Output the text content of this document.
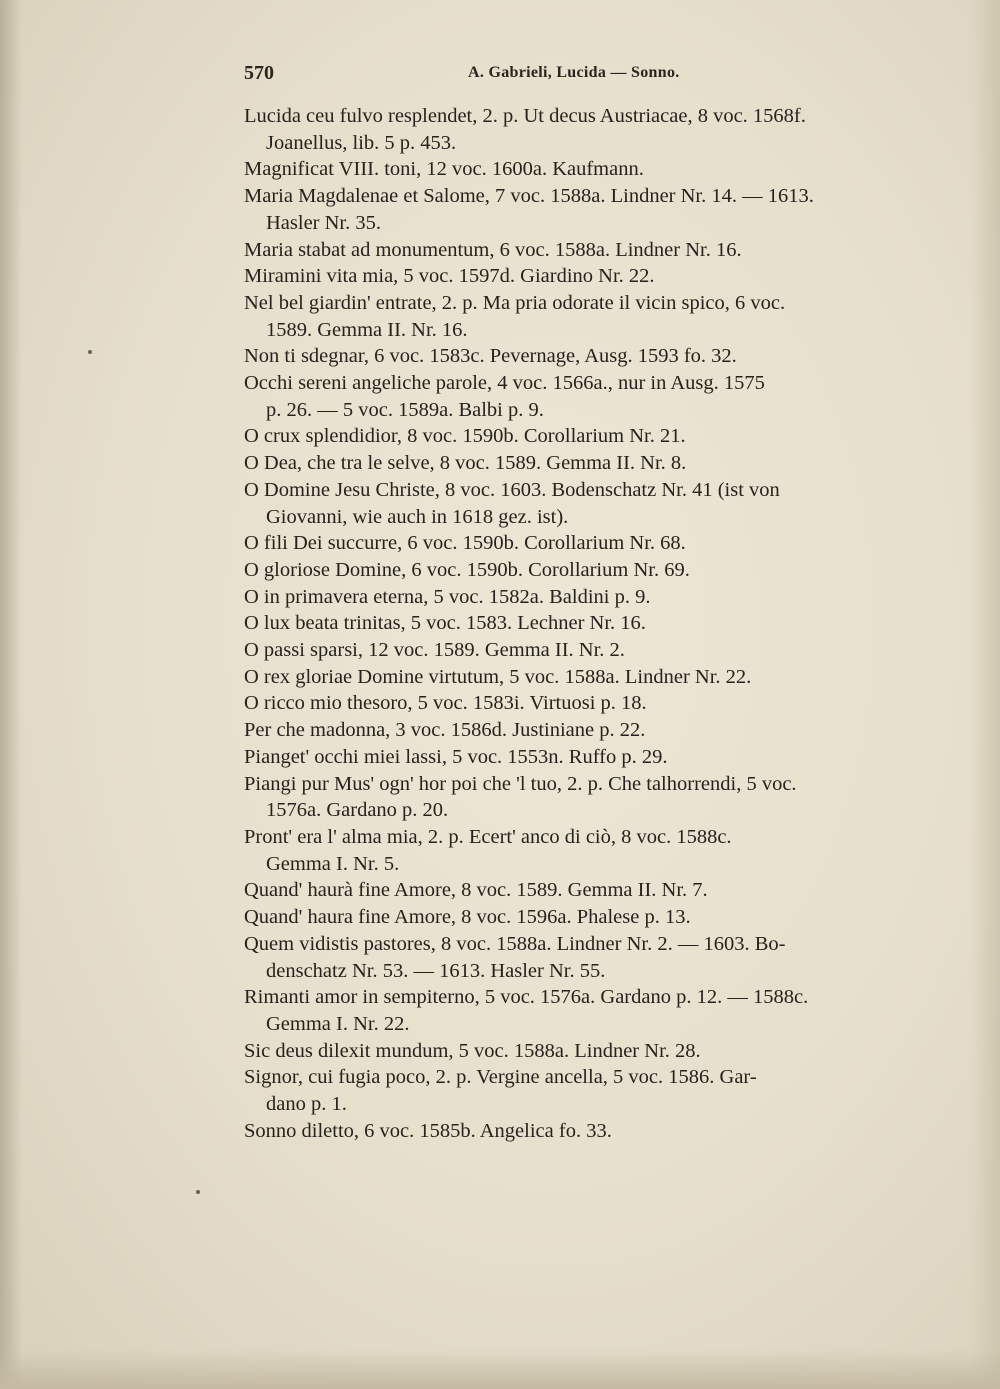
570	A. Gabrieli, Lucida — Sonno.

Lucida ceu fulvo resplendet, 2. p. Ut decus Austriacae, 8 voc. 1568f.
Joanellus, lib. 5 p. 453.

Magnificat VIII. toni, 12 voc. 1600a. Kaufmann.

Maria Magdalenae et Salome, 7 voc. 1588a. Lindner Nr. 14. — 1613.
Hasler Nr. 35.

Maria stabat ad monumentum, 6 voc. 1588a. Lindner Nr. 16.

Miramini vita mia, 5 voc. 1597d. Giardino Nr. 22.

Nel bel giardin' entrate, 2. p. Ma pria odorate il vicin spico, 6 voc.
1589. Gemma II. Nr. 16.

Non ti sdegnar, 6 voc. 1583c. Pevernage, Ausg. 1593 fo. 32.

Occhi sereni angeliche parole, 4 voc. 1566a., nur in Ausg. 1575
p. 26. — 5 voc. 1589a. Balbi p. 9.

O crux splendidior, 8 voc. 1590b. Corollarium Nr. 21.

O Dea, che tra le selve, 8 voc. 1589. Gemma II. Nr. 8.

O Domine Jesu Christe, 8 voc. 1603. Bodenschatz Nr. 41 (ist von
Giovanni, wie auch in 1618 gez. ist).

O fili Dei succurre, 6 voc. 1590b. Corollarium Nr. 68.

O gloriose Domine, 6 voc. 1590b. Corollarium Nr. 69.

O in primavera eterna, 5 voc. 1582a. Baldini p. 9.

O lux beata trinitas, 5 voc. 1583. Lechner Nr. 16.

O passi sparsi, 12 voc. 1589. Gemma II. Nr. 2.

O rex gloriae Domine virtutum, 5 voc. 1588a. Lindner Nr. 22.

O ricco mio thesoro, 5 voc. 1583i. Virtuosi p. 18.

Per che madonna, 3 voc. 1586d. Justiniane p. 22.

Pianget' occhi miei lassi, 5 voc. 1553n. Ruffo p. 29.

Piangi pur Mus' ogn' hor poi che 'l tuo, 2. p. Che talhorrendi, 5 voc.
1576a. Gardano p. 20.

Pront' era l' alma mia, 2. p. Ecert' anco di ciò, 8 voc. 1588c.
Gemma I. Nr. 5.

Quand' haurà fine Amore, 8 voc. 1589. Gemma II. Nr. 7.

Quand' haura fine Amore, 8 voc. 1596a. Phalese p. 13.

Quem vidistis pastores, 8 voc. 1588a. Lindner Nr. 2. — 1603. Bo-
denschatz Nr. 53. — 1613. Hasler Nr. 55.

Rimanti amor in sempiterno, 5 voc. 1576a. Gardano p. 12. — 1588c.
Gemma I. Nr. 22.

Sic deus dilexit mundum, 5 voc. 1588a. Lindner Nr. 28.

Signor, cui fugia poco, 2. p. Vergine ancella, 5 voc. 1586. Gar-
dano p. 1.

Sonno diletto, 6 voc. 1585b. Angelica fo. 33.
